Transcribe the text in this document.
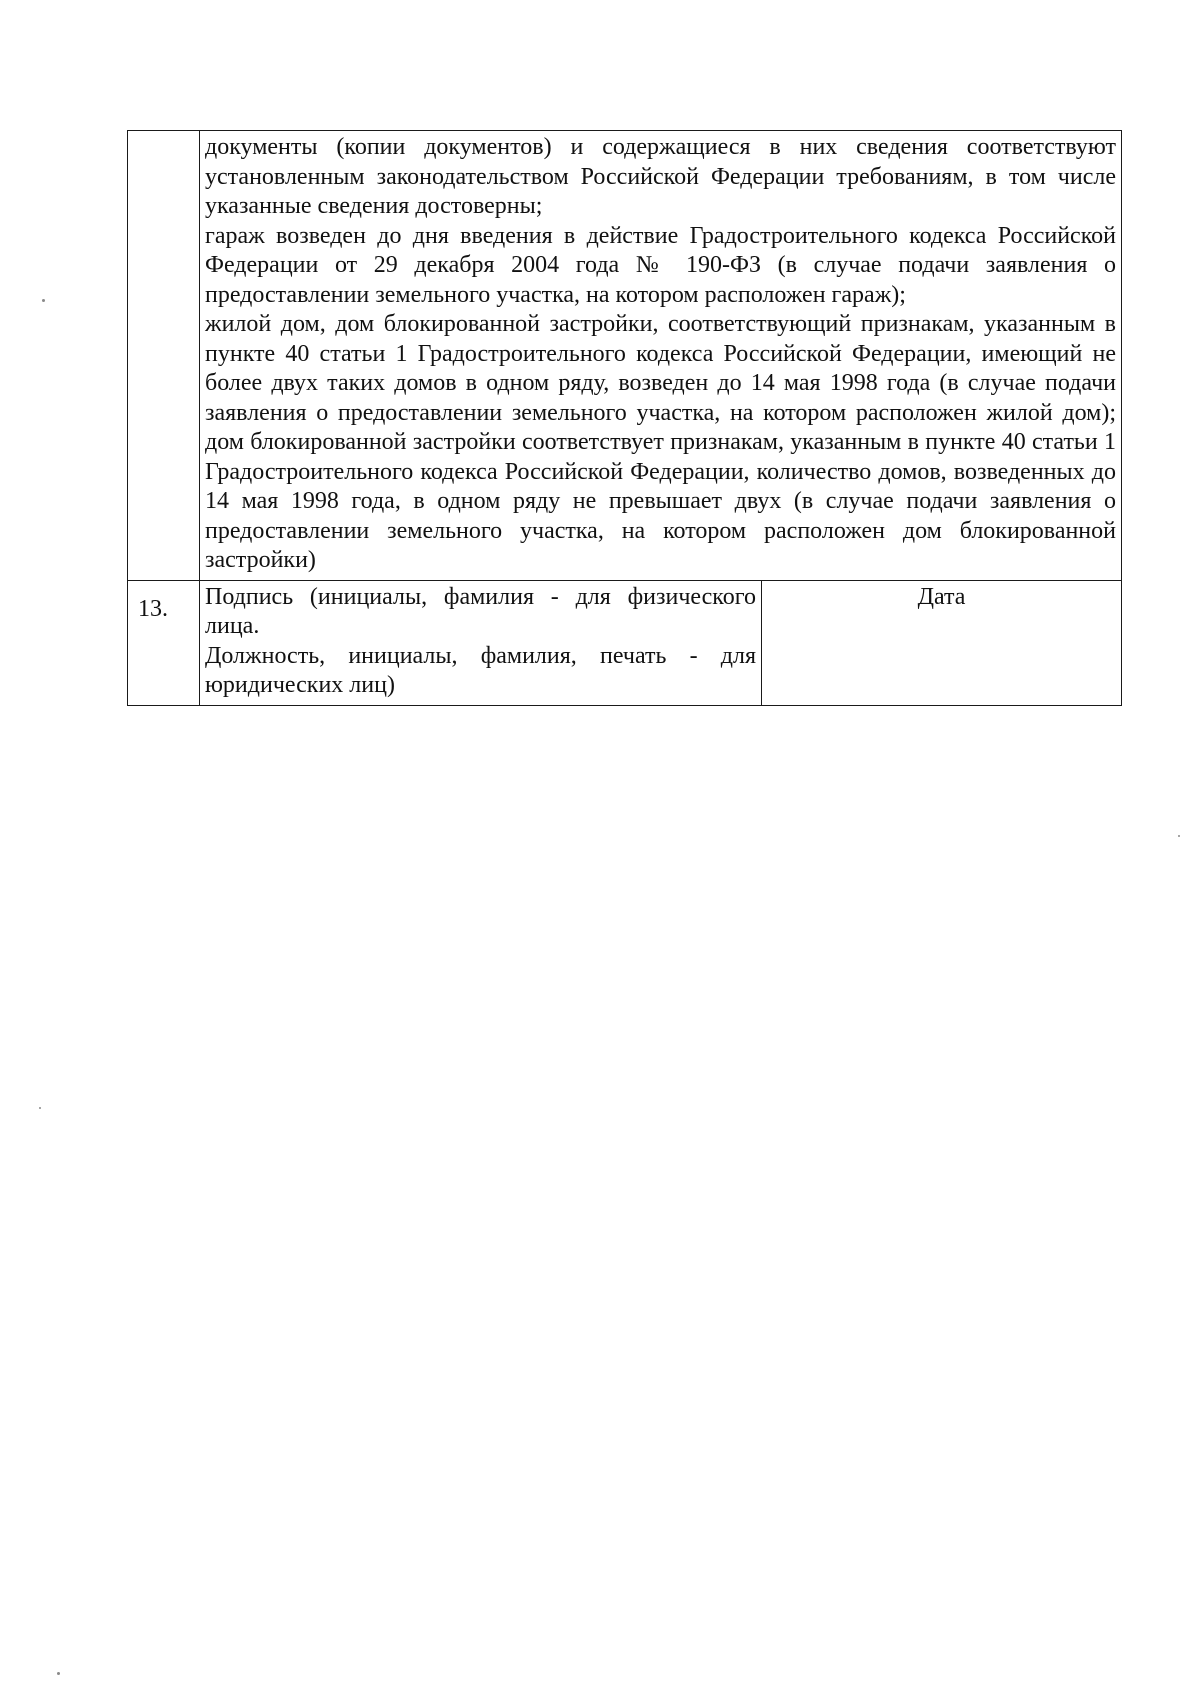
	документы (копии документов) и содержащиеся в них сведения соответствуют установленным законодательством Российской Федерации требованиям, в том числе указанные сведения достоверны;

гараж возведен до дня введения в действие Градостроительного кодекса Российской Федерации от 29 декабря 2004 года № 190-ФЗ (в случае подачи заявления о предоставлении земельного участка, на котором расположен гараж);

жилой дом, дом блокированной застройки, соответствующий признакам, указанным в пункте 40 статьи 1 Градостроительного кодекса Российской Федерации, имеющий не более двух таких домов в одном ряду, возведен до 14 мая 1998 года (в случае подачи заявления о предоставлении земельного участка, на котором расположен жилой дом); дом блокированной застройки соответствует признакам, указанным в пункте 40 статьи 1 Градостроительного кодекса Российской Федерации, количество домов, возведенных до 14 мая 1998 года, в одном ряду не превышает двух (в случае подачи заявления о предоставлении земельного участка, на котором расположен дом блокированной застройки)	

13.	Подпись (инициалы, фамилия - для физического лица.

Должность, инициалы, фамилия, печать - для юридических лиц)	Дата
